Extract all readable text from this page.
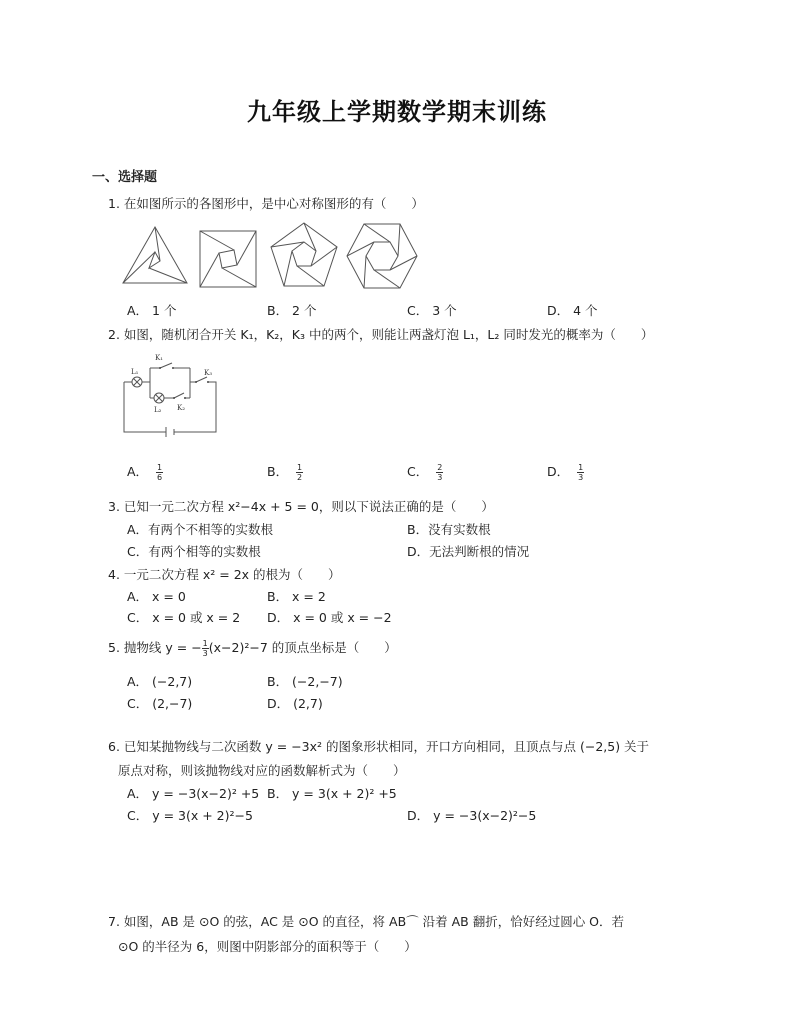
九年级上学期数学期末训练
一、选择题
1. 在如图所示的各图形中，是中心对称图形的有（　　）
A． 1 个	B． 2 个	C． 3 个	D． 4 个
2. 如图，随机闭合开关 K₁，K₂，K₃ 中的两个，则能让两盏灯泡 L₁，L₂ 同时发光的概率为（　　）
K₁
L₁
L₂ K₂
K₃
A． $\frac{1}{6}$	B． $\frac{1}{2}$	C． $\frac{2}{3}$	D． $\frac{1}{3}$
3. 已知一元二次方程 x²−4x + 5 = 0，则以下说法正确的是（　　）
A．有两个不相等的实数根	B．没有实数根
C．有两个相等的实数根	D．无法判断根的情况
4. 一元二次方程 x² = 2x 的根为（　　）
A． x = 0	B． x = 2
C． x = 0 或 x = 2 D． x = 0 或 x = −2
5. 抛物线 y = − $\frac{1}{3} (x-2)^2-7$ 的顶点坐标是（　　）
A． (−2,7)	B． (−2,−7)
C． (2,−7)	D． (2,7)
6. 已知某抛物线与二次函数 y = −3x² 的图象形状相同，开口方向相同，且顶点与点 (−2,5) 关于
原点对称，则该抛物线对应的函数解析式为（　　）
A． y = −3(x−2)² +5 B． y = 3(x + 2)² +5
C． y = 3(x + 2)²−5	D． y = −3(x−2)²−5
7. 如图，AB 是 ⊙O 的弦，AC 是 ⊙O 的直径，将 AB⌒ 沿着 AB 翻折，恰好经过圆心 O．若
⊙O 的半径为 6，则图中阴影部分的面积等于（　　）
